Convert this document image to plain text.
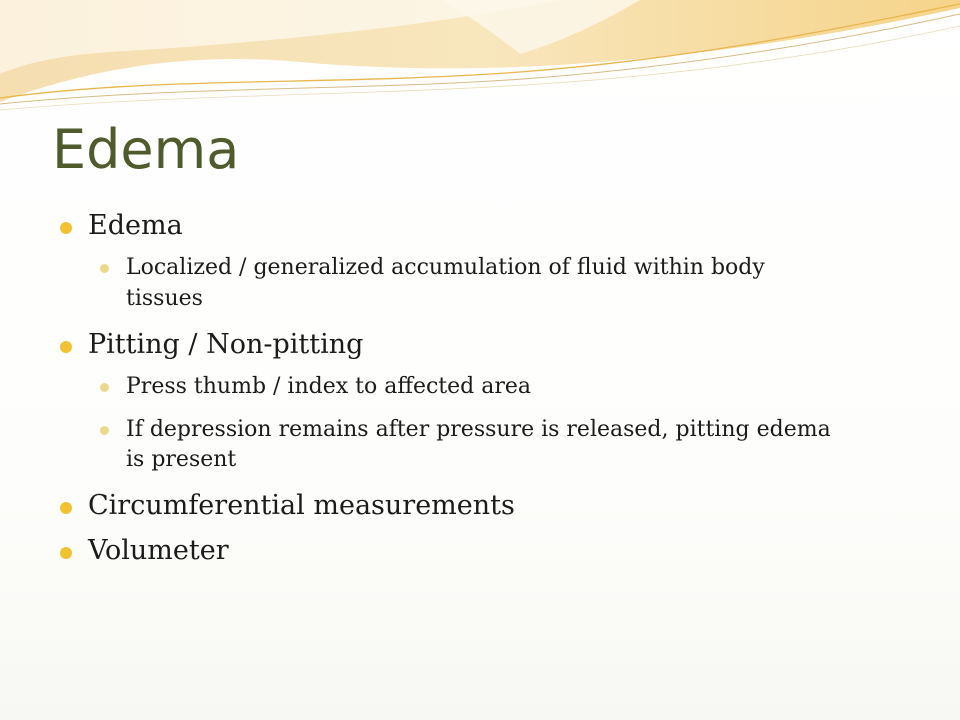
Edema
Edema
Localized / generalized accumulation of fluid within body tissues
Pitting / Non-pitting
Press thumb / index to affected area
If depression remains after pressure is released, pitting edema is present
Circumferential measurements
Volumeter
